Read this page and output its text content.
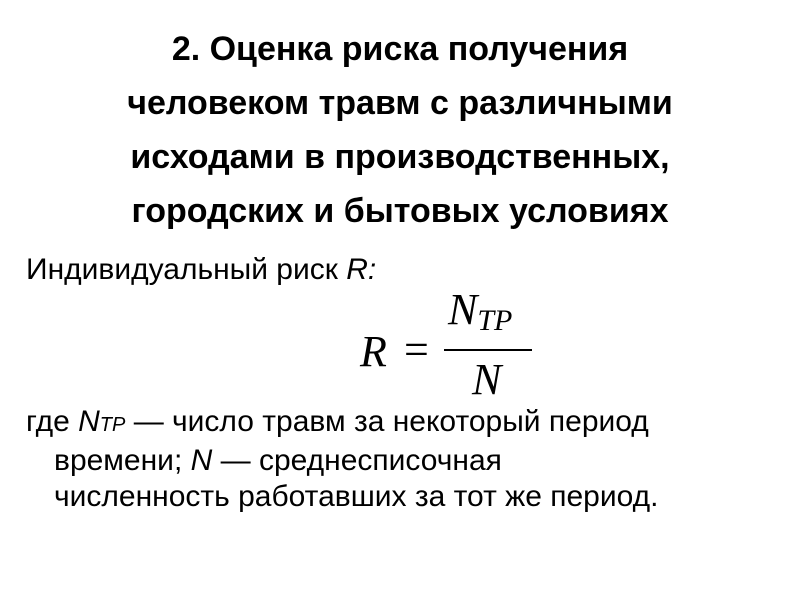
2. Оценка риска получения
человеком травм с различными
исходами в производственных,
городских и бытовых условиях
Индивидуальный риск R:
R =
$N_{TP}$
N
где NTP — число травм за некоторый период
времени; N — среднесписочная
численность работавших за тот же период.
